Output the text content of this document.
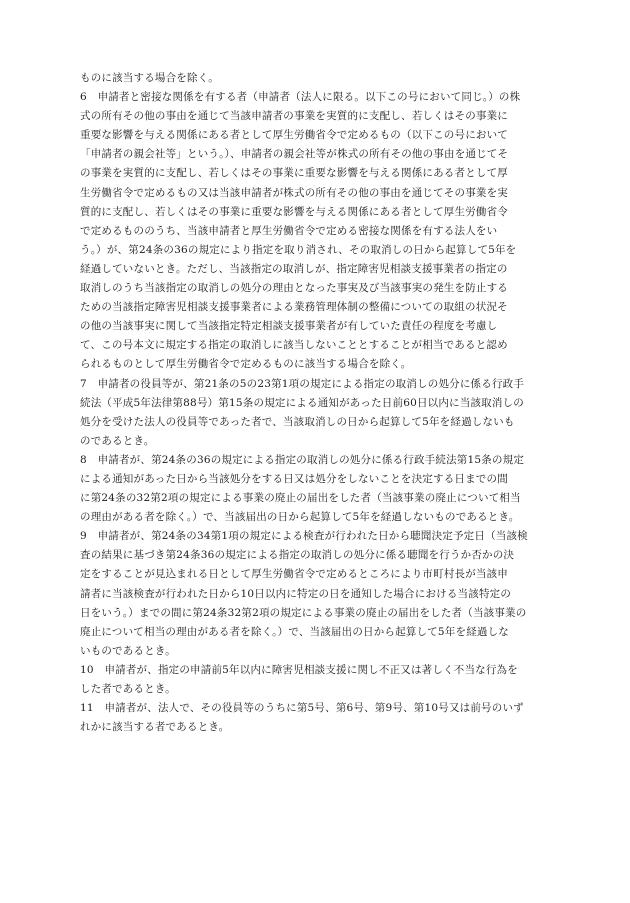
ものに該当する場合を除く。
6　申請者と密接な関係を有する者（申請者（法人に限る。以下この号において同じ。）の株
式の所有その他の事由を通じて当該申請者の事業を実質的に支配し、若しくはその事業に
重要な影響を与える関係にある者として厚生労働省令で定めるもの（以下この号において
「申請者の親会社等」という。）、申請者の親会社等が株式の所有その他の事由を通じてそ
の事業を実質的に支配し、若しくはその事業に重要な影響を与える関係にある者として厚
生労働省令で定めるもの又は当該申請者が株式の所有その他の事由を通じてその事業を実
質的に支配し、若しくはその事業に重要な影響を与える関係にある者として厚生労働省令
で定めるもののうち、当該申請者と厚生労働省令で定める密接な関係を有する法人をい
う。）が、第24条の36の規定により指定を取り消され、その取消しの日から起算して5年を
経過していないとき。ただし、当該指定の取消しが、指定障害児相談支援事業者の指定の
取消しのうち当該指定の取消しの処分の理由となった事実及び当該事実の発生を防止する
ための当該指定障害児相談支援事業者による業務管理体制の整備についての取組の状況そ
の他の当該事実に関して当該指定特定相談支援事業者が有していた責任の程度を考慮し
て、この号本文に規定する指定の取消しに該当しないこととすることが相当であると認め
られるものとして厚生労働省令で定めるものに該当する場合を除く。
7　申請者の役員等が、第21条の5の23第1項の規定による指定の取消しの処分に係る行政手
続法（平成5年法律第88号）第15条の規定による通知があった日前60日以内に当該取消しの
処分を受けた法人の役員等であった者で、当該取消しの日から起算して5年を経過しないも
のであるとき。
8　申請者が、第24条の36の規定による指定の取消しの処分に係る行政手続法第15条の規定
による通知があった日から当該処分をする日又は処分をしないことを決定する日までの間
に第24条の32第2項の規定による事業の廃止の届出をした者（当該事業の廃止について相当
の理由がある者を除く。）で、当該届出の日から起算して5年を経過しないものであるとき。
9　申請者が、第24条の34第1項の規定による検査が行われた日から聴聞決定予定日（当該検
査の結果に基づき第24条36の規定による指定の取消しの処分に係る聴聞を行うか否かの決
定をすることが見込まれる日として厚生労働省令で定めるところにより市町村長が当該申
請者に当該検査が行われた日から10日以内に特定の日を通知した場合における当該特定の
日をいう。）までの間に第24条32第2項の規定による事業の廃止の届出をした者（当該事業の
廃止について相当の理由がある者を除く。）で、当該届出の日から起算して5年を経過しな
いものであるとき。
10　申請者が、指定の申請前5年以内に障害児相談支援に関し不正又は著しく不当な行為を
した者であるとき。
11　申請者が、法人で、その役員等のうちに第5号、第6号、第9号、第10号又は前号のいず
れかに該当する者であるとき。
